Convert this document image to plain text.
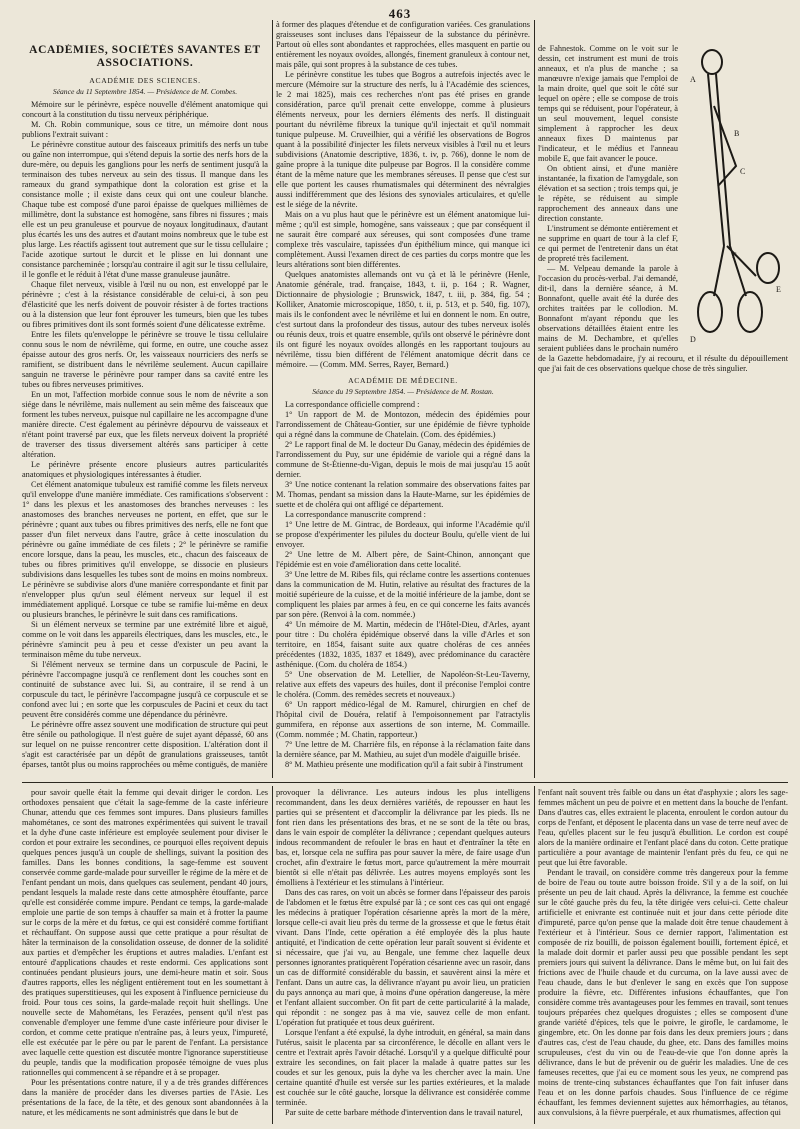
463
ACADÉMIES, SOCIÉTÉS SAVANTES ET ASSOCIATIONS.
ACADÉMIE DES SCIENCES.
Séance du 11 Septembre 1854. — Présidence de M. Combes.

Mémoire sur le périnèvre, espèce nouvelle d'élément anatomique qui concourt à la constitution du tissu nerveux périphérique.

M. Ch. Robin communique, sous ce titre, un mémoire dont nous publions l'extrait suivant :

Le périnèvre constitue autour des faisceaux primitifs des nerfs un tube ou gaîne non interrompue, qui s'étend depuis la sortie des nerfs hors de la dure-mère, ou depuis les ganglions pour les nerfs de sentiment jusqu'à la terminaison des tubes nerveux au sein des tissus. Il manque dans les rameaux du grand sympathique dont la coloration est grise et la consistance molle ; il existe dans ceux qui ont une couleur blanche. Chaque tube est composé d'une paroi épaisse de quelques millièmes de millimètre, dont la substance est homogène, sans fibres ni fissures ; mais elle est un peu granuleuse et pourvue de noyaux longitudinaux, d'autant plus écartés les uns des autres et d'autant moins nombreux que le tube est plus large. Les réactifs agissent tout autrement que sur le tissu cellulaire ; l'acide azotique surtout le durcit et le plisse en lui donnant une consistance parcheminée ; lorsqu'au contraire il agit sur le tissu cellulaire, il le gonfle et le réduit à l'état d'une masse granuleuse jaunâtre.

Chaque filet nerveux, visible à l'œil nu ou non, est enveloppé par le périnèvre ; c'est à la résistance considérable de celui-ci, à son peu d'élasticité que les nerfs doivent de pouvoir résister à de fortes tractions ou à la distension que leur font éprouver les tumeurs, bien que les tubes ou fibres primitives dont ils sont formés soient d'une délicatesse extrême.

Entre les filets qu'enveloppe le périnèvre se trouve le tissu cellulaire connu sous le nom de névrilème, qui forme, en outre, une couche assez épaisse autour des gros nerfs. Or, les vaisseaux nourriciers des nerfs se ramifient, se distribuent dans le névrilème seulement. Aucun capillaire sanguin ne traverse le périnèvre pour ramper dans sa cavité entre les tubes ou fibres nerveuses primitives.

En un mot, l'affection morbide connue sous le nom de névrite a son siége dans le névrilème, mais nullement au sein même des faisceaux que forment les tubes nerveux, puisque nul capillaire ne les accompagne d'une manière directe. C'est également au périnèvre dépourvu de vaisseaux et n'étant point traversé par eux, que les filets nerveux doivent la propriété de traverser des tissus diversement altérés sans participer à cette altération.

Le périnèvre présente encore plusieurs autres particularités anatomiques et physiologiques intéressantes à étudier.

Cet élément anatomique tubuleux est ramifié comme les filets nerveux qu'il enveloppe d'une manière immédiate. Ces ramifications s'observent : 1° dans les plexus et les anastomoses des branches nerveuses : les anastomoses des branches nerveuses ne portent, en effet, que sur le périnèvre ; quant aux tubes ou fibres primitives des nerfs, elle ne font que passer d'un filet nerveux dans l'autre, grâce à cette inosculation du périnèvre ou gaîne immédiate de ces filets ; 2° le périnèvre se ramifie encore lorsque, dans la peau, les muscles, etc., chacun des faisceaux de tubes ou fibres primitives qu'il enveloppe, se dissocie en plusieurs subdivisions dans lesquelles les tubes sont de moins en moins nombreux. Le périnèvre se subdivise alors d'une manière correspondante et finit par n'envelopper plus qu'un seul élément nerveux sur lequel il est immédiatement appliqué. Lorsque ce tube se ramifie lui-même en deux ou plusieurs branches, le périnèvre le suit dans ces ramifications.

Si un élément nerveux se termine par une extrémité libre et aiguë, comme on le voit dans les appareils électriques, dans les muscles, etc., le périnèvre s'amincit peu à peu et cesse d'exister un peu avant la terminaison même du tube nerveux.

Si l'élément nerveux se termine dans un corpuscule de Pacini, le périnèvre l'accompagne jusqu'à ce renflement dont les couches sont en continuité de substance avec lui. Si, au contraire, il se rend à un corpuscule du tact, le périnèvre l'accompagne jusqu'à ce corpuscule et se confond avec lui ; en sorte que les corpuscules de Pacini et ceux du tact peuvent être considérés comme une dépendance du périnèvre.

Le périnèvre offre assez souvent une modification de structure qui peut être sénile ou pathologique. Il n'est guère de sujet ayant dépassé, 60 ans sur lequel on ne puisse rencontrer cette disposition. L'altération dont il s'agit est caractérisée par un dépôt de granulations graisseuses, tantôt éparses, tantôt plus ou moins rapprochées ou même contiguës, de manière

à former des plaques d'étendue et de configuration variées. Ces granulations graisseuses sont incluses dans l'épaisseur de la substance du périnèvre. Partout où elles sont abondantes et rapprochées, elles masquent en partie ou entièrement les noyaux ovoïdes, allongés, finement granuleux à contour net, mais pâle, qui sont propres à la substance de ces tubes.

Le périnèvre constitue les tubes que Bogros a autrefois injectés avec le mercure (Mémoire sur la structure des nerfs, lu à l'Académie des sciences, le 2 mai 1825), mais ces recherches n'ont pas été prises en grande considération, parce qu'il prenait cette enveloppe, comme à plusieurs éléments nerveux, pour les derniers éléments des nerfs. Il distinguait pourtant du névrilème fibreux la tunique qu'il injectait et qu'il nommait tunique pulpeuse. M. Cruveilhier, qui a vérifié les observations de Bogros quant à la possibilité d'injecter les filets nerveux visibles à l'œil nu et leurs subdivisions (Anatomie descriptive, 1836, t. iv, p. 766), donne le nom de gaîne propre à la tunique dite pulpeuse par Bogros. Il la considère comme étant de la même nature que les membranes séreuses. Il pense que c'est sur elle que portent les causes rhumatismales qui déterminent des névralgies aussi indifféremment que des lésions des synoviales articulaires, et qu'elle est le siége de la névrite.

Mais on a vu plus haut que le périnèvre est un élément anatomique lui-même ; qu'il est simple, homogène, sans vaisseaux ; que par conséquent il ne saurait être comparé aux séreuses, qui sont composées d'une trame complexe très vasculaire, tapissées d'un épithélium mince, qui manque ici complètement. Aussi l'examen direct de ces parties du corps montre que les leurs altérations sont bien différentes.

Quelques anatomistes allemands ont vu çà et là le périnèvre (Henle, Anatomie générale, trad. française, 1843, t. ii, p. 164 ; R. Wagner, Dictionnaire de physiologie ; Brunswick, 1847, t. iii, p. 384, fig. 54 ; Kolliker, Anatomie microscopique, 1850, t. ii, p. 513, et p. 540, fig. 107), mais ils le confondent avec le névrilème et lui en donnent le nom. En outre, c'est surtout dans la profondeur des tissus, autour des tubes nerveux isolés ou réunis deux, trois et quatre ensemble, qu'ils ont observé le périnèvre dont ils ont figuré les noyaux ovoïdes allongés en les rapportant toujours au névrilème, tissu bien différent de l'élément anatomique décrit dans ce mémoire. — (Comm. MM. Serres, Rayer, Bernard.)

ACADÉMIE DE MÉDECINE.
Séance du 19 Septembre 1854. — Présidence de M. Rostan.

La correspondance officielle comprend :

1° Un rapport de M. de Montozon, médecin des épidémies pour l'arrondissement de Château-Gontier, sur une épidémie de fièvre typhoïde qui a régné dans la commune de Chatelain. (Com. des épidémies.)

2° Le rapport final de M. le docteur Du Ganay, médecin des épidémies de l'arrondissement du Puy, sur une épidémie de variole qui a régné dans la commune de St-Étienne-du-Vigan, depuis le mois de mai jusqu'au 15 août dernier.

3° Une notice contenant la relation sommaire des observations faites par M. Thomas, pendant sa mission dans la Haute-Marne, sur les épidémies de suette et de choléra qui ont affligé ce département.

La correspondance manuscrite comprend :

1° Une lettre de M. Gintrac, de Bordeaux, qui informe l'Académie qu'il se propose d'expérimenter les pilules du docteur Boulu, qu'elle vient de lui envoyer.

2° Une lettre de M. Albert père, de Saint-Chinon, annonçant que l'épidémie est en voie d'amélioration dans cette localité.

3° Une lettre de M. Ribes fils, qui réclame contre les assertions contenues dans la communication de M. Hutin, relative au résultat des fractures de la moitié supérieure de la cuisse, et de la moitié inférieure de la jambe, dont se compliquent les plaies par armes à feu, en ce qui concerne les faits avancés par son père. (Renvoi à la com. nommée.)

4° Un mémoire de M. Martin, médecin de l'Hôtel-Dieu, d'Arles, ayant pour titre : Du choléra épidémique observé dans la ville d'Arles et son territoire, en 1854, faisant suite aux quatre choléras de ces années précédentes (1832, 1835, 1837 et 1849), avec prédominance du caractère asthénique. (Com. du choléra de 1854.)

5° Une observation de M. Letellier, de Napoléon-St-Leu-Taverny, relative aux effets des vapeurs des huiles, dont il préconise l'emploi contre le choléra. (Comm. des remèdes secrets et nouveaux.)

6° Un rapport médico-légal de M. Ramurel, chirurgien en chef de l'hôpital civil de Douéra, relatif à l'empoisonnement par l'atractylis gummifera, en réponse aux assertions de son interne, M. Commaille. (Comm. nommée ; M. Chatin, rapporteur.)

7° Une lettre de M. Charrière fils, en réponse à la réclamation faite dans la dernière séance, par M. Mathieu, au sujet d'un modèle d'aiguille brisée.

8° M. Mathieu présente une modification qu'il a fait subir à l'instrument

A
B
C
D
E
F

de Fahnestok. Comme on le voit sur le dessin, cet instrument est muni de trois anneaux, et n'a plus de manche ; sa manœuvre n'exige jamais que l'emploi de la main droite, quel que soit le côté sur lequel on opère ; elle se compose de trois temps qui se réduisent, pour l'opérateur, à un seul mouvement, lequel consiste simplement à rapprocher les deux anneaux fixes D maintenus par l'indicateur, et le médius et l'anneau mobile E, que fait avancer le pouce.

On obtient ainsi, et d'une manière instantanée, la fixation de l'amygdale, son élévation et sa section ; trois temps qui, je le répète, se réduisent au simple rapprochement des anneaux dans une direction constante.

L'instrument se démonte entièrement et ne supprime en quart de tour à la clef F, ce qui permet de l'entretenir dans un état de propreté très facilement.

— M. Velpeau demande la parole à l'occasion du procès-verbal. J'ai demandé, dit-il, dans la dernière séance, à M. Bonnafont, quelle avait été la durée des orchites traitées par le collodion. M. Bonnafont m'ayant répondu que les observations détaillées étaient entre les mains de M. Dechambre, et qu'elles seraient publiées dans le prochain numéro de la Gazette hebdomadaire, j'y ai recouru, et il résulte du dépouillement que j'ai fait de ces observations quelque chose de très singulier.

pour savoir quelle était la femme qui devait diriger le cordon. Les orthodoxes pensaient que c'était la sage-femme de la caste inférieure Chunar, attendu que ces femmes sont impures. Dans plusieurs familles mahométanes, ce sont des matrones expérimentées qui suivent le travail et la dyhe d'une caste inférieure est employée seulement pour diviser le cordon et pour extraire les secondines, ce pourquoi elles reçoivent depuis quelques pences jusqu'à un couple de shellings, suivant la position des familles. Dans les bonnes conditions, la sage-femme est souvent conservée comme garde-malade pour surveiller le régime de la mère et de l'enfant pendant un mois, dans quelques cas seulement, pendant 40 jours, pendant lesquels la malade reste dans cette atmosphère étouffante, parce qu'elle est considérée comme impure. Pendant ce temps, la garde-malade emploie une partie de son temps à chauffer sa main et à frotter la paume sur le corps de la mère et du fœtus, ce qui est considéré comme fortifiant et réchauffant. On suppose aussi que cette pratique a pour résultat de hâter la terminaison de la consolidation osseuse, de donner de la solidité aux parties et d'empêcher les éruptions et autres maladies. L'enfant est entouré d'applications chaudes et reste endormi. Ces applications sont continuées pendant plusieurs jours, une demi-heure matin et soir. Sous d'autres rapports, elles les négligent entièrement tout en les soumettant à des pratiques superstitieuses, qui les exposent à l'influence pernicieuse du froid. Pour tous ces soins, la garde-malade reçoit huit shellings. Une nouvelle secte de Mahométans, les Ferazées, pensent qu'il n'est pas convenable d'employer une femme d'une caste inférieure pour diviser le cordon, et comme cette pratique n'entraîne pas, à leurs yeux, l'impureté, elle est exécutée par le père ou par le parent de l'enfant. La persistance avec laquelle cette question est discutée montre l'ignorance superstitieuse du peuple, tandis que la modification proposée témoigne de vues plus rationnelles qui commencent à se répandre et à se propager.

Pour les présentations contre nature, il y a de très grandes différences dans la manière de procéder dans les diverses parties de l'Asie. Les présentations de la face, de la tête, et des genoux sont abandonnées à la nature, et les médicaments ne sont administrés que dans le but de

provoquer la délivrance. Les auteurs indous les plus intelligens recommandent, dans les deux dernières variétés, de repousser en haut les parties qui se présentent et d'accomplir la délivrance par les pieds. Ils ne font rien dans les présentations des bras, et ne se sont de la tête ou bras, dans le vain espoir de compléter la délivrance ; cependant quelques auteurs indous recommandent de refouler le bras en haut et d'entraîner la tête en bas, et, lorsque cela ne suffira pas pour sauver la mère, de faire usage d'un crochet, afin d'extraire le fœtus mort, parce qu'autrement la mère mourrait bientôt si elle n'était pas délivrée. Les autres moyens employés sont les émolliens à l'extérieur et les stimulans à l'intérieur.

Dans des cas rares, on voit un abcès se former dans l'épaisseur des parois de l'abdomen et le fœtus être expulsé par là ; ce sont ces cas qui ont engagé les médecins à pratiquer l'opération césarienne après la mort de la mère, lorsque celle-ci avait lieu près du terme de la grossesse et que le fœtus était vivant. Dans l'Inde, cette opération a été employée dès la plus haute antiquité, et l'indication de cette opération leur paraît souvent si évidente et si nécessaire, que j'ai vu, au Bengale, une femme chez laquelle deux personnes ignorantes pratiquèrent l'opération césarienne avec un rasoir, dans un cas de difformité considérable du bassin, et sauvèrent ainsi la mère et l'enfant. Dans un autre cas, la délivrance n'ayant pu avoir lieu, un praticien du pays annonça au mari que, à moins d'une opération dangereuse, la mère et l'enfant allaient succomber. On fit part de cette particularité à la malade, qui répondit : ne songez pas à ma vie, sauvez celle de mon enfant. L'opération fut pratiquée et tous deux guérirent.

Lorsque l'enfant a été expulsé, la dyhe introduit, en général, sa main dans l'utérus, saisit le placenta par sa circonférence, le décolle en allant vers le centre et l'extrait après l'avoir détaché. Lorsqu'il y a quelque difficulté pour extraire les secondines, on fait placer la malade à quatre pattes sur les coudes et sur les genoux, puis la dyhe va les chercher avec la main. Une certaine quantité d'huile est versée sur les parties extérieures, et la malade est couchée sur le côté gauche, lorsque la délivrance est considérée comme terminée.

Par suite de cette barbare méthode d'intervention dans le travail naturel,

l'enfant naît souvent très faible ou dans un état d'asphyxie ; alors les sage-femmes mâchent un peu de poivre et en mettent dans la bouche de l'enfant. Dans d'autres cas, elles extraient le placenta, enroulent le cordon autour du corps de l'enfant, et déposent le placenta dans un vase de terre neuf avec de l'eau, qu'elles placent sur le feu jusqu'à ébullition. Le cordon est coupé alors de la manière ordinaire et l'enfant placé dans du coton. Cette pratique particulière a pour avantage de maintenir l'enfant près du feu, ce qui ne peut que lui être favorable.

Pendant le travail, on considère comme très dangereux pour la femme de boire de l'eau ou toute autre boisson froide. S'il y a de la soif, on lui présente un peu de lait chaud. Après la délivrance, la femme est couchée sur le côté gauche près du feu, la tête dirigée vers celui-ci. Cette chaleur artificielle et enivrante est continuée nuit et jour dans cette période dite d'impureté, parce qu'on pense que la malade doit être tenue chaudement à l'extérieur et à l'intérieur. Sous ce dernier rapport, l'alimentation est composée de riz bouilli, de poisson également bouilli, fortement épicé, et la malade doit dormir et parler aussi peu que possible pendant les sept premiers jours qui suivent la délivrance. Dans le même but, on lui fait des frictions avec de l'huile chaude et du curcuma, on la lave aussi avec de l'eau chaude, dans le but d'enlever le sang en excès que l'on suppose produire la fièvre, etc. Différentes infusions échauffantes, que l'on considère comme très avantageuses pour les femmes en travail, sont tenues toujours préparées chez quelques droguistes ; elles se composent d'une grande variété d'épices, tels que le poivre, le girofle, le cardamome, le gingembre, etc. On les donne par fois dans les deux premiers jours ; dans d'autres cas, c'est de l'eau chaude, du ghee, etc. Dans des familles moins scrupuleuses, c'est du vin ou de l'eau-de-vie que l'on donne après la délivrance, dans le but de prévenir ou de guérir les maladies. Une de ces fameuses recettes, que j'ai eu ce moment sous les yeux, ne comprend pas moins de trente-cinq substances échauffantes que l'on fait infuser dans l'eau et on les donne parfois chaudes. Sous l'influence de ce régime échauffant, les femmes deviennent sujettes aux hémorrhagies, au tétanos, aux convulsions, à la fièvre puerpérale, et aux rhumatismes, affection qui
